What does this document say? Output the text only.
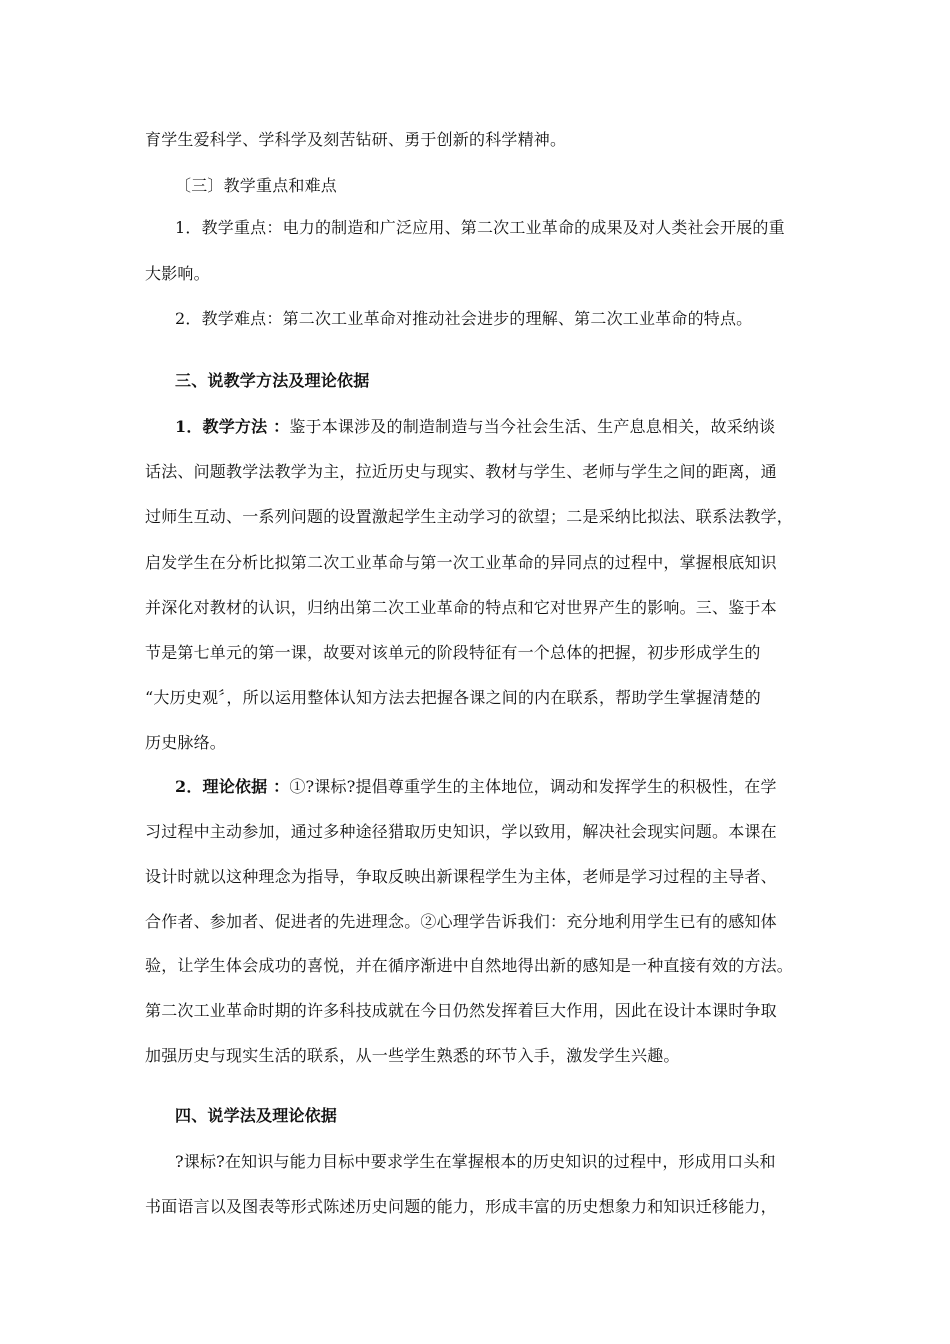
育学生爱科学、学科学及刻苦钻研、勇于创新的科学精神。
〔三〕教学重点和难点
1．教学重点：电力的制造和广泛应用、第二次工业革命的成果及对人类社会开展的重
大影响。
2．教学难点：第二次工业革命对推动社会进步的理解、第二次工业革命的特点。
三、说教学方法及理论依据
1．教学方法 ：鉴于本课涉及的制造制造与当今社会生活、生产息息相关，故采纳谈
话法、问题教学法教学为主，拉近历史与现实、教材与学生、老师与学生之间的距离，通
过师生互动、一系列问题的设置激起学生主动学习的欲望；二是采纳比拟法、联系法教学，
启发学生在分析比拟第二次工业革命与第一次工业革命的异同点的过程中，掌握根底知识
并深化对教材的认识，归纳出第二次工业革命的特点和它对世界产生的影响。三、鉴于本
节是第七单元的第一课，故要对该单元的阶段特征有一个总体的把握，初步形成学生的
“大历史观〞，所以运用整体认知方法去把握各课之间的内在联系，帮助学生掌握清楚的
历史脉络。
2．理论依据 ：①?课标?提倡尊重学生的主体地位，调动和发挥学生的积极性，在学
习过程中主动参加，通过多种途径猎取历史知识，学以致用，解决社会现实问题。本课在
设计时就以这种理念为指导，争取反映出新课程学生为主体，老师是学习过程的主导者、
合作者、参加者、促进者的先进理念。②心理学告诉我们：充分地利用学生已有的感知体
验，让学生体会成功的喜悦，并在循序渐进中自然地得出新的感知是一种直接有效的方法。
第二次工业革命时期的许多科技成就在今日仍然发挥着巨大作用，因此在设计本课时争取
加强历史与现实生活的联系，从一些学生熟悉的环节入手，激发学生兴趣。
四、说学法及理论依据
?课标?在知识与能力目标中要求学生在掌握根本的历史知识的过程中，形成用口头和
书面语言以及图表等形式陈述历史问题的能力，形成丰富的历史想象力和知识迁移能力，
